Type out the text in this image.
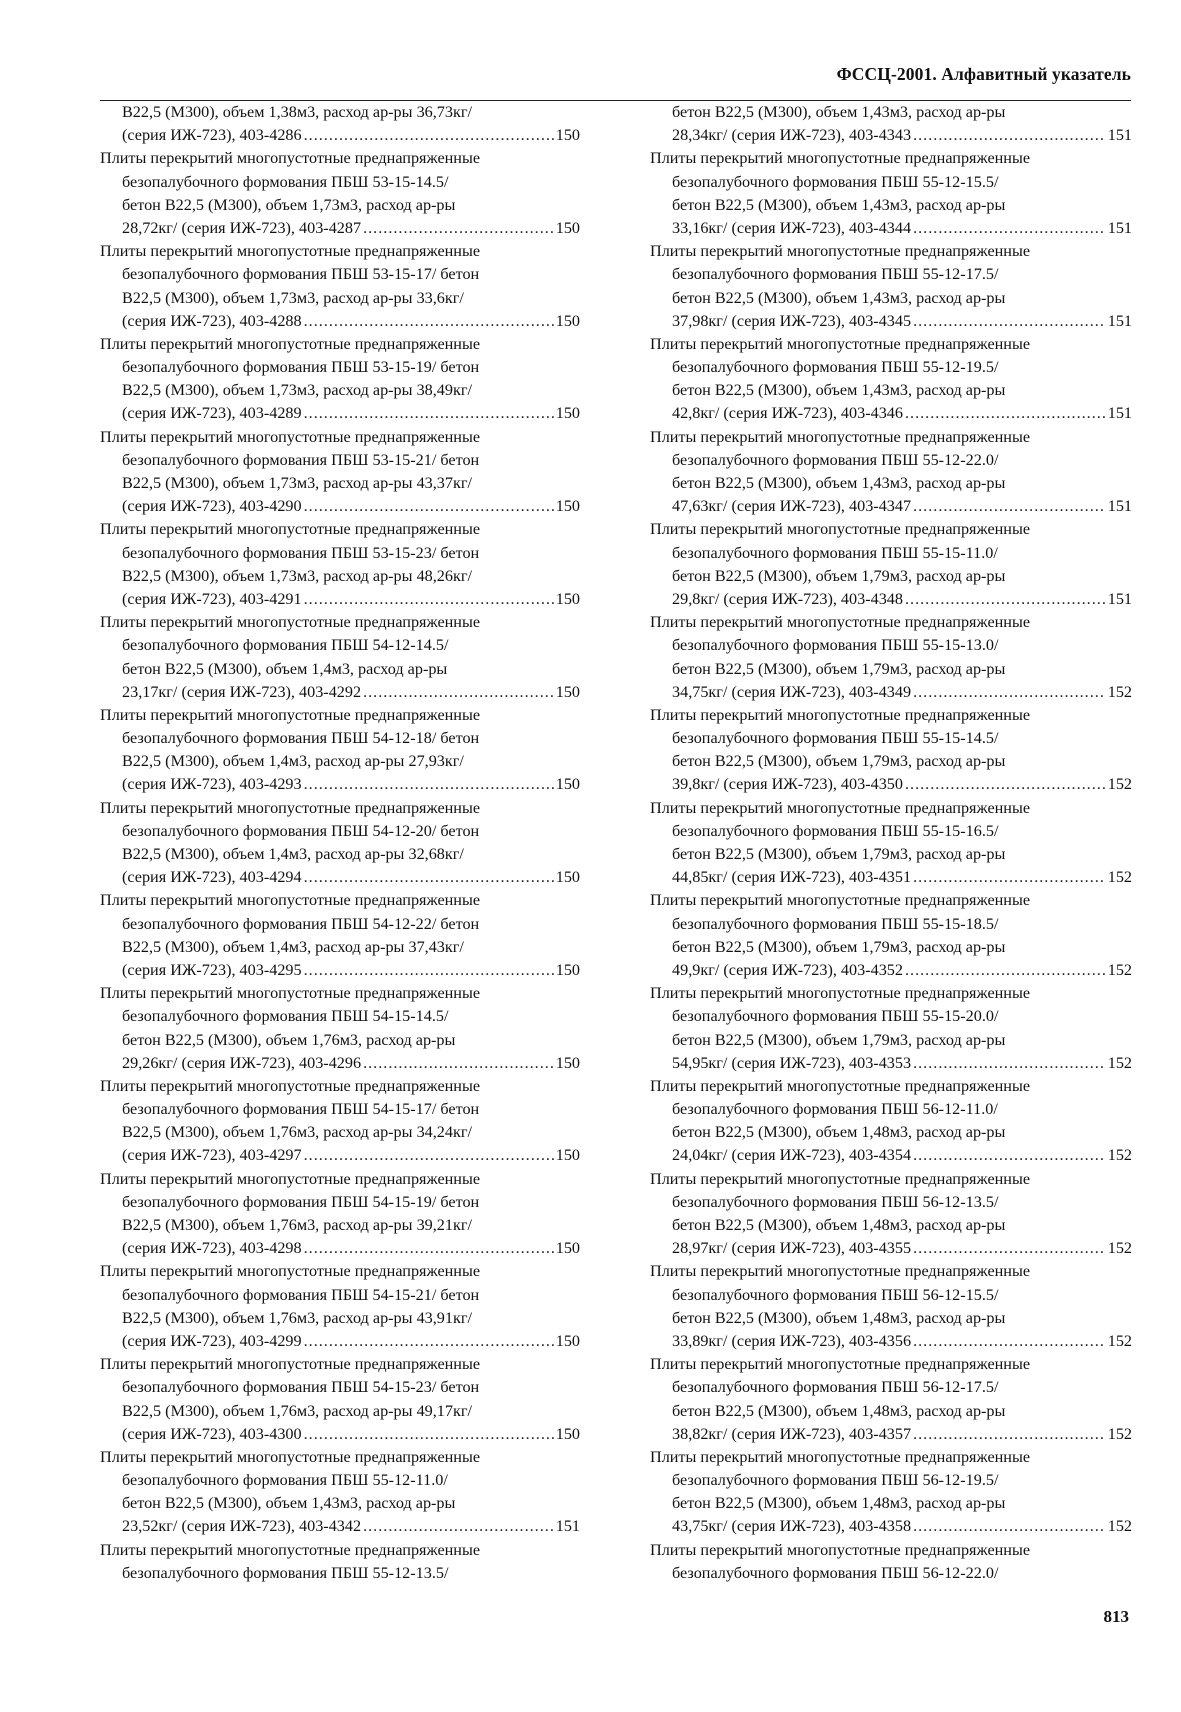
ФССЦ-2001. Алфавитный указатель
В22,5 (М300), объем 1,38м3, расход ар-ры 36,73кг/
(серия ИЖ-723), 403-4286 .....	150
Плиты перекрытий многопустотные преднапряженные
безопалубочного формования ПБШ 53-15-14.5/
бетон В22,5 (М300), объем 1,73м3, расход ар-ры
28,72кг/ (серия ИЖ-723), 403-4287 .....	150
Плиты перекрытий многопустотные преднапряженные
безопалубочного формования ПБШ 53-15-17/ бетон
В22,5 (М300), объем 1,73м3, расход ар-ры 33,6кг/
(серия ИЖ-723), 403-4288 .....	150
Плиты перекрытий многопустотные преднапряженные
безопалубочного формования ПБШ 53-15-19/ бетон
В22,5 (М300), объем 1,73м3, расход ар-ры 38,49кг/
(серия ИЖ-723), 403-4289 .....	150
Плиты перекрытий многопустотные преднапряженные
безопалубочного формования ПБШ 53-15-21/ бетон
В22,5 (М300), объем 1,73м3, расход ар-ры 43,37кг/
(серия ИЖ-723), 403-4290 .....	150
Плиты перекрытий многопустотные преднапряженные
безопалубочного формования ПБШ 53-15-23/ бетон
В22,5 (М300), объем 1,73м3, расход ар-ры 48,26кг/
(серия ИЖ-723), 403-4291 .....	150
Плиты перекрытий многопустотные преднапряженные
безопалубочного формования ПБШ 54-12-14.5/
бетон В22,5 (М300), объем 1,4м3, расход ар-ры
23,17кг/ (серия ИЖ-723), 403-4292 .....	150
Плиты перекрытий многопустотные преднапряженные
безопалубочного формования ПБШ 54-12-18/ бетон
В22,5 (М300), объем 1,4м3, расход ар-ры 27,93кг/
(серия ИЖ-723), 403-4293 .....	150
Плиты перекрытий многопустотные преднапряженные
безопалубочного формования ПБШ 54-12-20/ бетон
В22,5 (М300), объем 1,4м3, расход ар-ры 32,68кг/
(серия ИЖ-723), 403-4294 .....	150
Плиты перекрытий многопустотные преднапряженные
безопалубочного формования ПБШ 54-12-22/ бетон
В22,5 (М300), объем 1,4м3, расход ар-ры 37,43кг/
(серия ИЖ-723), 403-4295 .....	150
Плиты перекрытий многопустотные преднапряженные
безопалубочного формования ПБШ 54-15-14.5/
бетон В22,5 (М300), объем 1,76м3, расход ар-ры
29,26кг/ (серия ИЖ-723), 403-4296 .....	150
Плиты перекрытий многопустотные преднапряженные
безопалубочного формования ПБШ 54-15-17/ бетон
В22,5 (М300), объем 1,76м3, расход ар-ры 34,24кг/
(серия ИЖ-723), 403-4297 .....	150
Плиты перекрытий многопустотные преднапряженные
безопалубочного формования ПБШ 54-15-19/ бетон
В22,5 (М300), объем 1,76м3, расход ар-ры 39,21кг/
(серия ИЖ-723), 403-4298 .....	150
Плиты перекрытий многопустотные преднапряженные
безопалубочного формования ПБШ 54-15-21/ бетон
В22,5 (М300), объем 1,76м3, расход ар-ры 43,91кг/
(серия ИЖ-723), 403-4299 .....	150
Плиты перекрытий многопустотные преднапряженные
безопалубочного формования ПБШ 54-15-23/ бетон
В22,5 (М300), объем 1,76м3, расход ар-ры 49,17кг/
(серия ИЖ-723), 403-4300 .....	150
Плиты перекрытий многопустотные преднапряженные
безопалубочного формования ПБШ 55-12-11.0/
бетон В22,5 (М300), объем 1,43м3, расход ар-ры
23,52кг/ (серия ИЖ-723), 403-4342 .....	151
Плиты перекрытий многопустотные преднапряженные
безопалубочного формования ПБШ 55-12-13.5/
бетон В22,5 (М300), объем 1,43м3, расход ар-ры
28,34кг/ (серия ИЖ-723), 403-4343 .....	151
Плиты перекрытий многопустотные преднапряженные
безопалубочного формования ПБШ 55-12-15.5/
бетон В22,5 (М300), объем 1,43м3, расход ар-ры
33,16кг/ (серия ИЖ-723), 403-4344 .....	151
Плиты перекрытий многопустотные преднапряженные
безопалубочного формования ПБШ 55-12-17.5/
бетон В22,5 (М300), объем 1,43м3, расход ар-ры
37,98кг/ (серия ИЖ-723), 403-4345 .....	151
Плиты перекрытий многопустотные преднапряженные
безопалубочного формования ПБШ 55-12-19.5/
бетон В22,5 (М300), объем 1,43м3, расход ар-ры
42,8кг/ (серия ИЖ-723), 403-4346 .....	151
Плиты перекрытий многопустотные преднапряженные
безопалубочного формования ПБШ 55-12-22.0/
бетон В22,5 (М300), объем 1,43м3, расход ар-ры
47,63кг/ (серия ИЖ-723), 403-4347 .....	151
Плиты перекрытий многопустотные преднапряженные
безопалубочного формования ПБШ 55-15-11.0/
бетон В22,5 (М300), объем 1,79м3, расход ар-ры
29,8кг/ (серия ИЖ-723), 403-4348 .....	151
Плиты перекрытий многопустотные преднапряженные
безопалубочного формования ПБШ 55-15-13.0/
бетон В22,5 (М300), объем 1,79м3, расход ар-ры
34,75кг/ (серия ИЖ-723), 403-4349 .....	152
Плиты перекрытий многопустотные преднапряженные
безопалубочного формования ПБШ 55-15-14.5/
бетон В22,5 (М300), объем 1,79м3, расход ар-ры
39,8кг/ (серия ИЖ-723), 403-4350 .....	152
Плиты перекрытий многопустотные преднапряженные
безопалубочного формования ПБШ 55-15-16.5/
бетон В22,5 (М300), объем 1,79м3, расход ар-ры
44,85кг/ (серия ИЖ-723), 403-4351 .....	152
Плиты перекрытий многопустотные преднапряженные
безопалубочного формования ПБШ 55-15-18.5/
бетон В22,5 (М300), объем 1,79м3, расход ар-ры
49,9кг/ (серия ИЖ-723), 403-4352 .....	152
Плиты перекрытий многопустотные преднапряженные
безопалубочного формования ПБШ 55-15-20.0/
бетон В22,5 (М300), объем 1,79м3, расход ар-ры
54,95кг/ (серия ИЖ-723), 403-4353 .....	152
Плиты перекрытий многопустотные преднапряженные
безопалубочного формования ПБШ 56-12-11.0/
бетон В22,5 (М300), объем 1,48м3, расход ар-ры
24,04кг/ (серия ИЖ-723), 403-4354 .....	152
Плиты перекрытий многопустотные преднапряженные
безопалубочного формования ПБШ 56-12-13.5/
бетон В22,5 (М300), объем 1,48м3, расход ар-ры
28,97кг/ (серия ИЖ-723), 403-4355 .....	152
Плиты перекрытий многопустотные преднапряженные
безопалубочного формования ПБШ 56-12-15.5/
бетон В22,5 (М300), объем 1,48м3, расход ар-ры
33,89кг/ (серия ИЖ-723), 403-4356 .....	152
Плиты перекрытий многопустотные преднапряженные
безопалубочного формования ПБШ 56-12-17.5/
бетон В22,5 (М300), объем 1,48м3, расход ар-ры
38,82кг/ (серия ИЖ-723), 403-4357 .....	152
Плиты перекрытий многопустотные преднапряженные
безопалубочного формования ПБШ 56-12-19.5/
бетон В22,5 (М300), объем 1,48м3, расход ар-ры
43,75кг/ (серия ИЖ-723), 403-4358 .....	152
Плиты перекрытий многопустотные преднапряженные
безопалубочного формования ПБШ 56-12-22.0/
813
